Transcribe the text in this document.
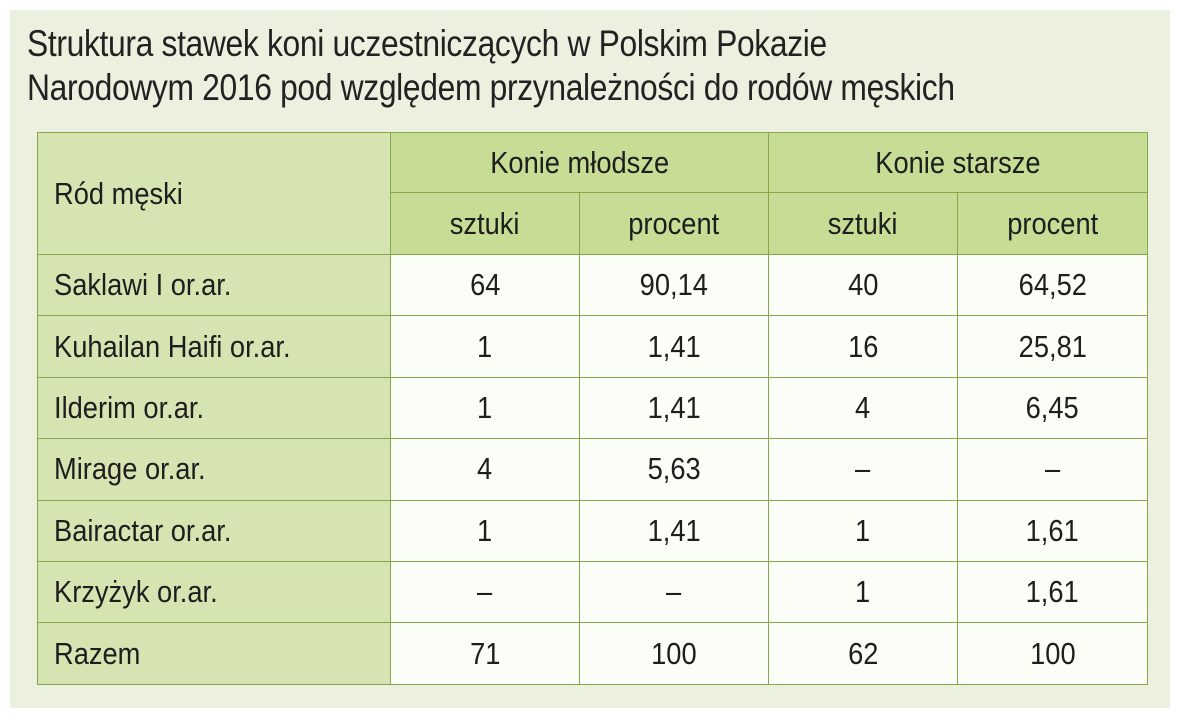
Struktura stawek koni uczestniczących w Polskim Pokazie
Narodowym 2016 pod względem przynależności do rodów męskich
Ród męski	Konie młodsze		Konie starsze	
	sztuki	procent	sztuki	procent
Saklawi I or.ar.	64	90,14	40	64,52
Kuhailan Haifi or.ar.	1	1,41	16	25,81
Ilderim or.ar.	1	1,41	4	6,45
Mirage or.ar.	4	5,63	–	–
Bairactar or.ar.	1	1,41	1	1,61
Krzyżyk or.ar.	–	–	1	1,61
Razem	71	100	62	100
